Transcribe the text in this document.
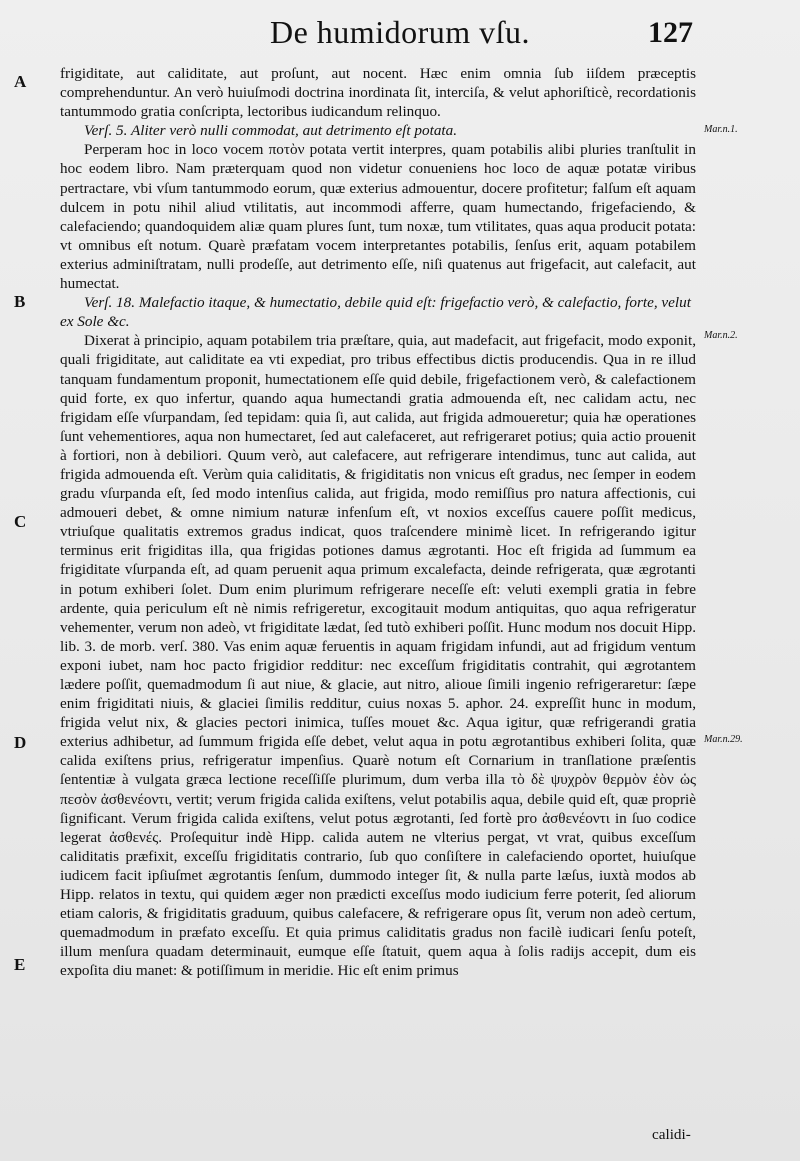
De humidorum vſu.	127
A
B
C
D
E
Mar.n.1.
Mar.n.2.
Mar.n.29.

frigiditate, aut caliditate, aut proſunt, aut nocent. Hæc enim omnia ſub iiſdem præceptis comprehenduntur. An verò huiuſmodi doctrina inordinata ſit, interciſa, & velut aphoriſticè, recordationis tantummodo gratia conſcripta, lectoribus iudicandum relinquo.

Verſ. 5. Aliter verò nulli commodat, aut detrimento eſt potata.

Perperam hoc in loco vocem ποτὸν potata vertit interpres, quam potabilis alibi pluries tranſtulit in hoc eodem libro. Nam præterquam quod non videtur conueniens hoc loco de aquæ potatæ viribus pertractare, vbi vſum tantummodo eorum, quæ exterius admouentur, docere profitetur; falſum eſt aquam dulcem in potu nihil aliud vtilitatis, aut incommodi afferre, quam humectando, frigefaciendo, & calefaciendo; quandoquidem aliæ quam plures ſunt, tum noxæ, tum vtilitates, quas aqua producit potata: vt omnibus eſt notum. Quarè præfatam vocem interpretantes potabilis, ſenſus erit, aquam potabilem exterius adminiſtratam, nulli prodeſſe, aut detrimento eſſe, niſi quatenus aut frigefacit, aut calefacit, aut humectat.

Verſ. 18. Malefactio itaque, & humectatio, debile quid eſt: frigefactio verò, & calefactio, forte, velut ex Sole &c.

Dixerat à principio, aquam potabilem tria præſtare, quia, aut madefacit, aut frigefacit, modo exponit, quali frigiditate, aut caliditate ea vti expediat, pro tribus effectibus dictis producendis. Qua in re illud tanquam fundamentum proponit, humectationem eſſe quid debile, frigefactionem verò, & calefactionem quid forte, ex quo infertur, quando aqua humectandi gratia admouenda eſt, nec calidam actu, nec frigidam eſſe vſurpandam, ſed tepidam: quia ſi, aut calida, aut frigida admoueretur; quia hæ operationes ſunt vehementiores, aqua non humectaret, ſed aut calefaceret, aut refrigeraret potius; quia actio prouenit à fortiori, non à debiliori. Quum verò, aut calefacere, aut refrigerare intendimus, tunc aut calida, aut frigida admouenda eſt. Verùm quia caliditatis, & frigiditatis non vnicus eſt gradus, nec ſemper in eodem gradu vſurpanda eſt, ſed modo intenſius calida, aut frigida, modo remiſſius pro natura affectionis, cui admoueri debet, & omne nimium naturæ infenſum eſt, vt noxios exceſſus cauere poſſit medicus, vtriuſque qualitatis extremos gradus indicat, quos traſcendere minimè licet. In refrigerando igitur terminus erit frigiditas illa, qua frigidas potiones damus ægrotanti. Hoc eſt frigida ad ſummum ea frigiditate vſurpanda eſt, ad quam peruenit aqua primum excalefacta, deinde refrigerata, quæ ægrotanti in potum exhiberi ſolet. Dum enim plurimum refrigerare neceſſe eſt: veluti exempli gratia in febre ardente, quia periculum eſt nè nimis refrigeretur, excogitauit modum antiquitas, quo aqua refrigeratur vehementer, verum non adeò, vt frigiditate lædat, ſed tutò exhiberi poſſit. Hunc modum nos docuit Hipp. lib. 3. de morb. verſ. 380. Vas enim aquæ feruentis in aquam frigidam infundi, aut ad frigidum ventum exponi iubet, nam hoc pacto frigidior redditur: nec exceſſum frigiditatis contrahit, qui ægrotantem lædere poſſit, quemadmodum ſi aut niue, & glacie, aut nitro, alioue ſimili ingenio refrigeraretur: ſæpe enim frigiditati niuis, & glaciei ſimilis redditur, cuius noxas 5. aphor. 24. expreſſit hunc in modum, frigida velut nix, & glacies pectori inimica, tuſſes mouet &c. Aqua igitur, quæ refrigerandi gratia exterius adhibetur, ad ſummum frigida eſſe debet, velut aqua in potu ægrotantibus exhiberi ſolita, quæ calida exiſtens prius, refrigeratur impenſius. Quarè notum eſt Cornarium in tranſlatione præſentis ſententiæ à vulgata græca lectione receſſiſſe plurimum, dum verba illa τὸ δὲ ψυχρὸν θερμὸν ἐὸν ὡς πεσὸν ἀσθενέοντι, vertit; verum frigida calida exiſtens, velut potabilis aqua, debile quid eſt, quæ propriè ſignificant. Verum frigida calida exiſtens, velut potus ægrotanti, ſed fortè pro ἀσθενέοντι in ſuo codice legerat ἀσθενές. Proſequitur indè Hipp. calida autem ne vlterius pergat, vt vrat, quibus exceſſum caliditatis præfixit, exceſſu frigiditatis contrario, ſub quo conſiſtere in calefaciendo oportet, huiuſque iudicem facit ipſiuſmet ægrotantis ſenſum, dummodo integer ſit, & nulla parte læſus, iuxtà modos ab Hipp. relatos in textu, qui quidem æger non prædicti exceſſus modo iudicium ferre poterit, ſed aliorum etiam caloris, & frigiditatis graduum, quibus calefacere, & refrigerare opus ſit, verum non adeò certum, quemadmodum in præfato exceſſu. Et quia primus caliditatis gradus non facilè iudicari ſenſu poteſt, illum menſura quadam determinauit, eumque eſſe ſtatuit, quem aqua à ſolis radijs accepit, dum eis expoſita diu manet: & potiſſimum in meridie. Hic eſt enim primus

calidi-
